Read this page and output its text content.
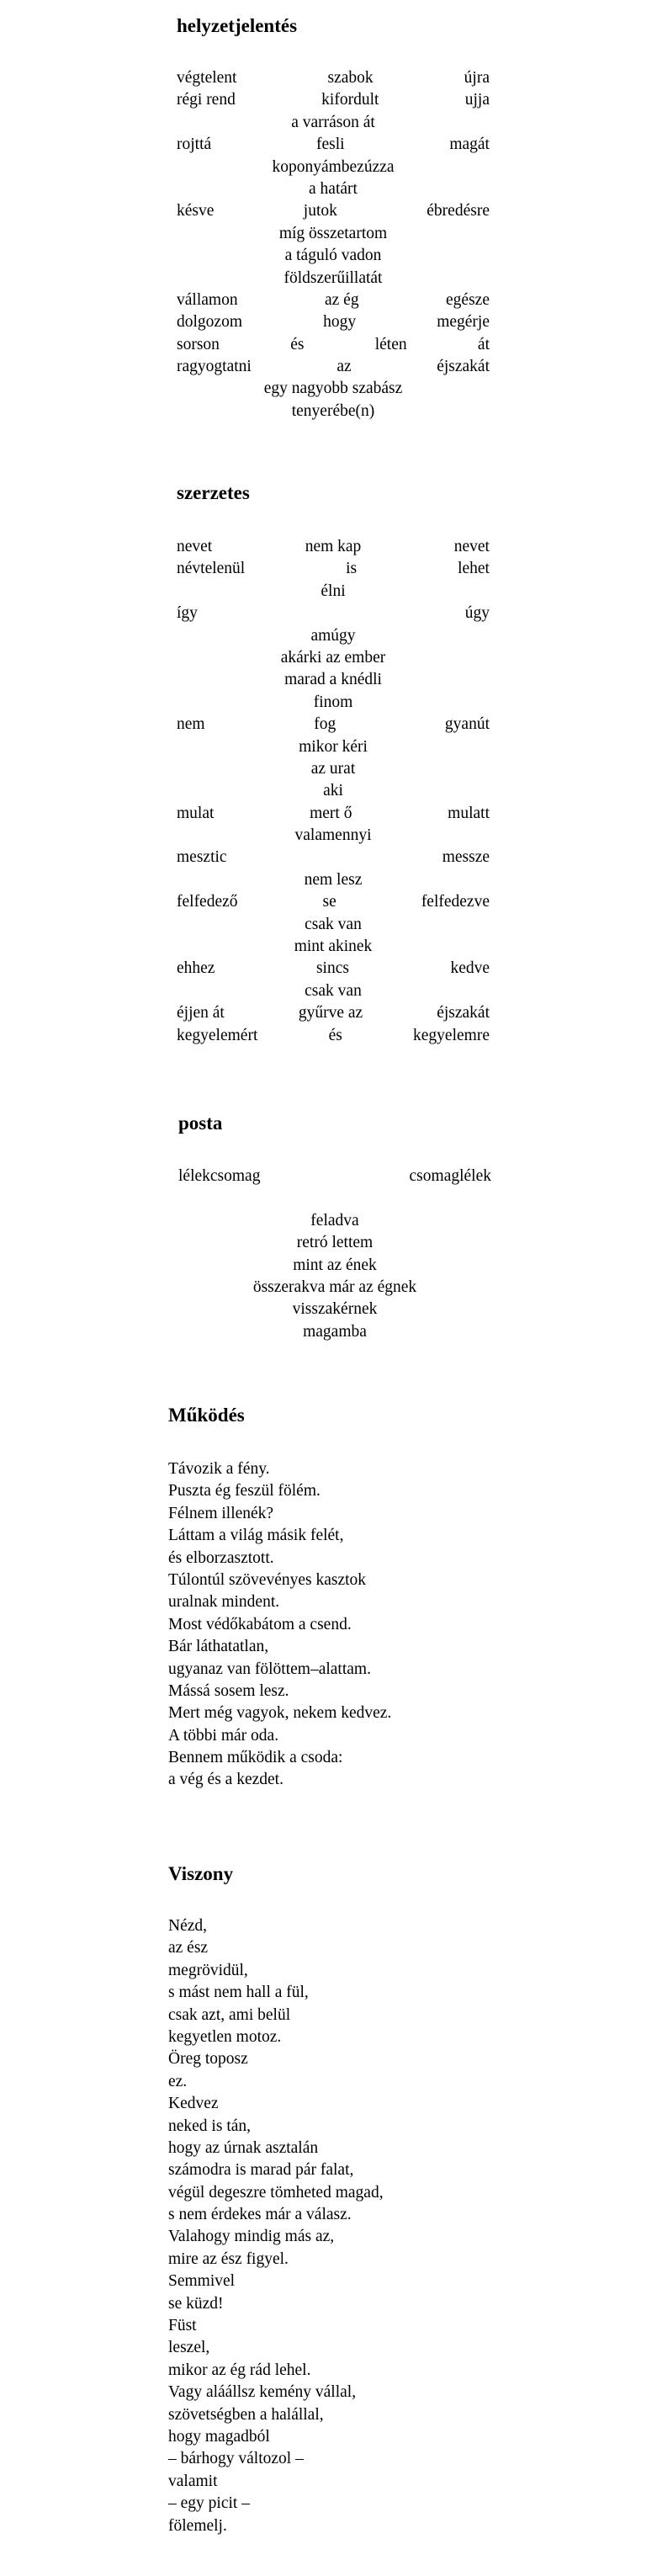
helyzetjelentés
végtelent	szabok	újra
régi rend	kifordult	ujja
a varráson át
rojttá	fesli	magát
koponyám bezúzza
a határt
késve	jutok	ébredésre
míg összetartom
a táguló vadon
földszerű illatát
vállamon	az ég	egésze
dolgozom	hogy	megérje
sorson	és	léten	át
ragyogtatni	az	éjszakát
egy nagyobb szabász
tenyerébe(n)
szerzetes
nevet	nem kap	nevet
névtelenül	is	lehet
élni
így	úgy
amúgy
akárki az ember
marad a knédli
finom
nem	fog	gyanút
mikor kéri
az urat
aki
mulat	mert ő	mulatt
valamennyi
mesztic	messze
nem lesz
felfedező	se	felfedezve
csak van
mint akinek
ehhez	sincs	kedve
csak van
éjjen át	gyűrve az	éjszakát
kegyelemért	és	kegyelemre
posta
lélekcsomag	csomaglélek
feladva
retró lettem
mint az ének
összerakva már az égnek
visszakérnek
magamba
Működés
Távozik a fény.
Puszta ég feszül fölém.
Félnem illenék?
Láttam a világ másik felét,
és elborzasztott.
Túlontúl szövevényes kasztok
uralnak mindent.
Most védőkabátom a csend.
Bár láthatatlan,
ugyanaz van fölöttem–alattam.
Mássá sosem lesz.
Mert még vagyok, nekem kedvez.
A többi már oda.
Bennem működik a csoda:
a vég és a kezdet.
Viszony
Nézd,
az ész
megrövidül,
s mást nem hall a fül,
csak azt, ami belül
kegyetlen motoz.
Öreg toposz
ez.
Kedvez
neked is tán,
hogy az úrnak asztalán
számodra is marad pár falat,
végül degeszre tömheted magad,
s nem érdekes már a válasz.
Valahogy mindig más az,
mire az ész figyel.
Semmivel
se küzd!
Füst
leszel,
mikor az ég rád lehel.
Vagy aláállsz kemény vállal,
szövetségben a halállal,
hogy magadból
– bárhogy változol –
valamit
– egy picit –
fölemelj.
